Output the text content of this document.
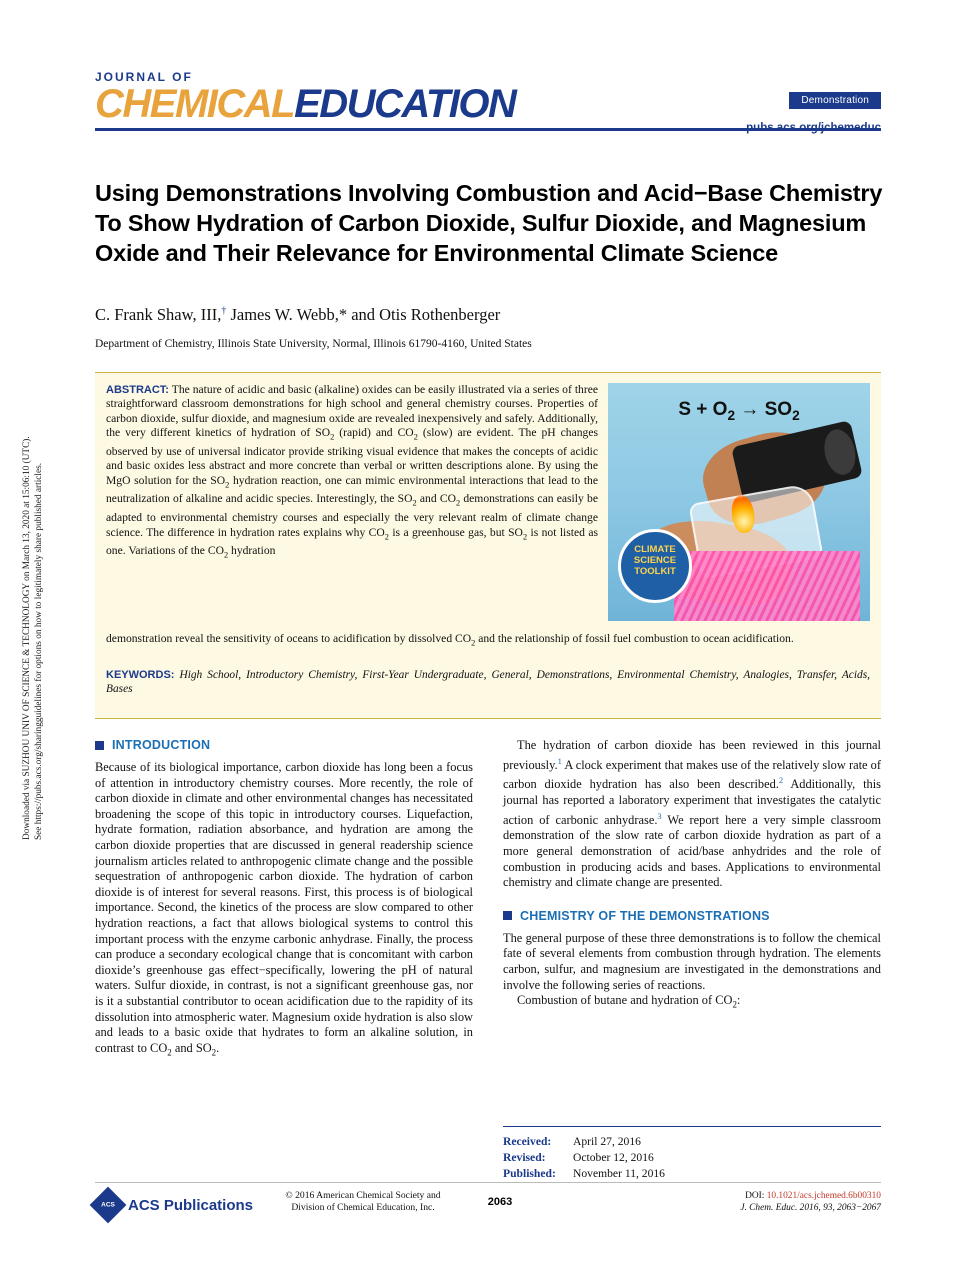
Downloaded via SUZHOU UNIV OF SCIENCE & TECHNOLOGY on March 13, 2020 at 15:06:10 (UTC). See https://pubs.acs.org/sharingguidelines for options on how to legitimately share published articles.
JOURNAL OF
CHEMICALEDUCATION	Demonstration
Using Demonstrations Involving Combustion and Acid−Base Chemistry To Show Hydration of Carbon Dioxide, Sulfur Dioxide, and Magnesium Oxide and Their Relevance for Environmental Climate Science
C. Frank Shaw, III,† James W. Webb,* and Otis Rothenberger
Department of Chemistry, Illinois State University, Normal, Illinois 61790-4160, United States
ABSTRACT: The nature of acidic and basic (alkaline) oxides can be easily illustrated via a series of three straightforward classroom demonstrations for high school and general chemistry courses. Properties of carbon dioxide, sulfur dioxide, and magnesium oxide are revealed inexpensively and safely. Additionally, the very different kinetics of hydration of $SO_2$ (rapid) and $CO_2$ (slow) are evident. The pH changes observed by use of universal indicator provide striking visual evidence that makes the concepts of acidic and basic oxides less abstract and more concrete than verbal or written descriptions alone. By using the MgO solution for the $SO_2$ hydration reaction, one can mimic environmental interactions that lead to the neutralization of alkaline and acidic species. Interestingly, the $SO_2$ and $CO_2$ demonstrations can easily be adapted to environmental chemistry courses and especially the very relevant realm of climate change science. The difference in hydration rates explains why $CO_2$ is a greenhouse gas, but $SO_2$ is not listed as one. Variations of the $CO_2$ hydration
demonstration reveal the sensitivity of oceans to acidification by dissolved $CO_2$ and the relationship of fossil fuel combustion to ocean acidification.
KEYWORDS: High School, Introductory Chemistry, First-Year Undergraduate, General, Demonstrations, Environmental Chemistry, Analogies, Transfer, Acids, Bases
$S + O_2 \to SO_2$
CLIMATE
SCIENCE
TOOLKIT
INTRODUCTION

Because of its biological importance, carbon dioxide has long been a focus of attention in introductory chemistry courses. More recently, the role of carbon dioxide in climate and other environmental changes has necessitated broadening the scope of this topic in introductory courses. Liquefaction, hydrate formation, radiation absorbance, and hydration are among the carbon dioxide properties that are discussed in general readership science journalism articles related to anthropogenic climate change and the possible sequestration of anthropogenic carbon dioxide. The hydration of carbon dioxide is of interest for several reasons. First, this process is of biological importance. Second, the kinetics of the process are slow compared to other hydration reactions, a fact that allows biological systems to control this important process with the enzyme carbonic anhydrase. Finally, the process can produce a secondary ecological change that is concomitant with carbon dioxide’s greenhouse gas effect−specifically, lowering the pH of natural waters. Sulfur dioxide, in contrast, is not a significant greenhouse gas, nor is it a substantial contributor to ocean acidification due to the rapidity of its dissolution into atmospheric water. Magnesium oxide hydration is also slow and leads to a basic oxide that hydrates to form an alkaline solution, in contrast to $CO_2$ and $SO_2$.

The hydration of carbon dioxide has been reviewed in this journal previously.$^1$ A clock experiment that makes use of the relatively slow rate of carbon dioxide hydration has also been described.$^2$ Additionally, this journal has reported a laboratory experiment that investigates the catalytic action of carbonic anhydrase.$^3$ We report here a very simple classroom demonstration of the slow rate of carbon dioxide hydration as part of a more general demonstration of acid/base anhydrides and the role of combustion in producing acids and bases. Applications to environmental chemistry and climate change are presented.

CHEMISTRY OF THE DEMONSTRATIONS

The general purpose of these three demonstrations is to follow the chemical fate of several elements from combustion through hydration. The elements carbon, sulfur, and magnesium are investigated in the demonstrations and involve the following series of reactions.

Combustion of butane and hydration of $CO_2$:

Received: April 27, 2016
Revised: October 12, 2016
Published: November 11, 2016
ACS
ACS Publications
© 2016 American Chemical Society and
Division of Chemical Education, Inc.	2063	DOI: 10.1021/acs.jchemed.6b00310
J. Chem. Educ. 2016, 93, 2063−2067
